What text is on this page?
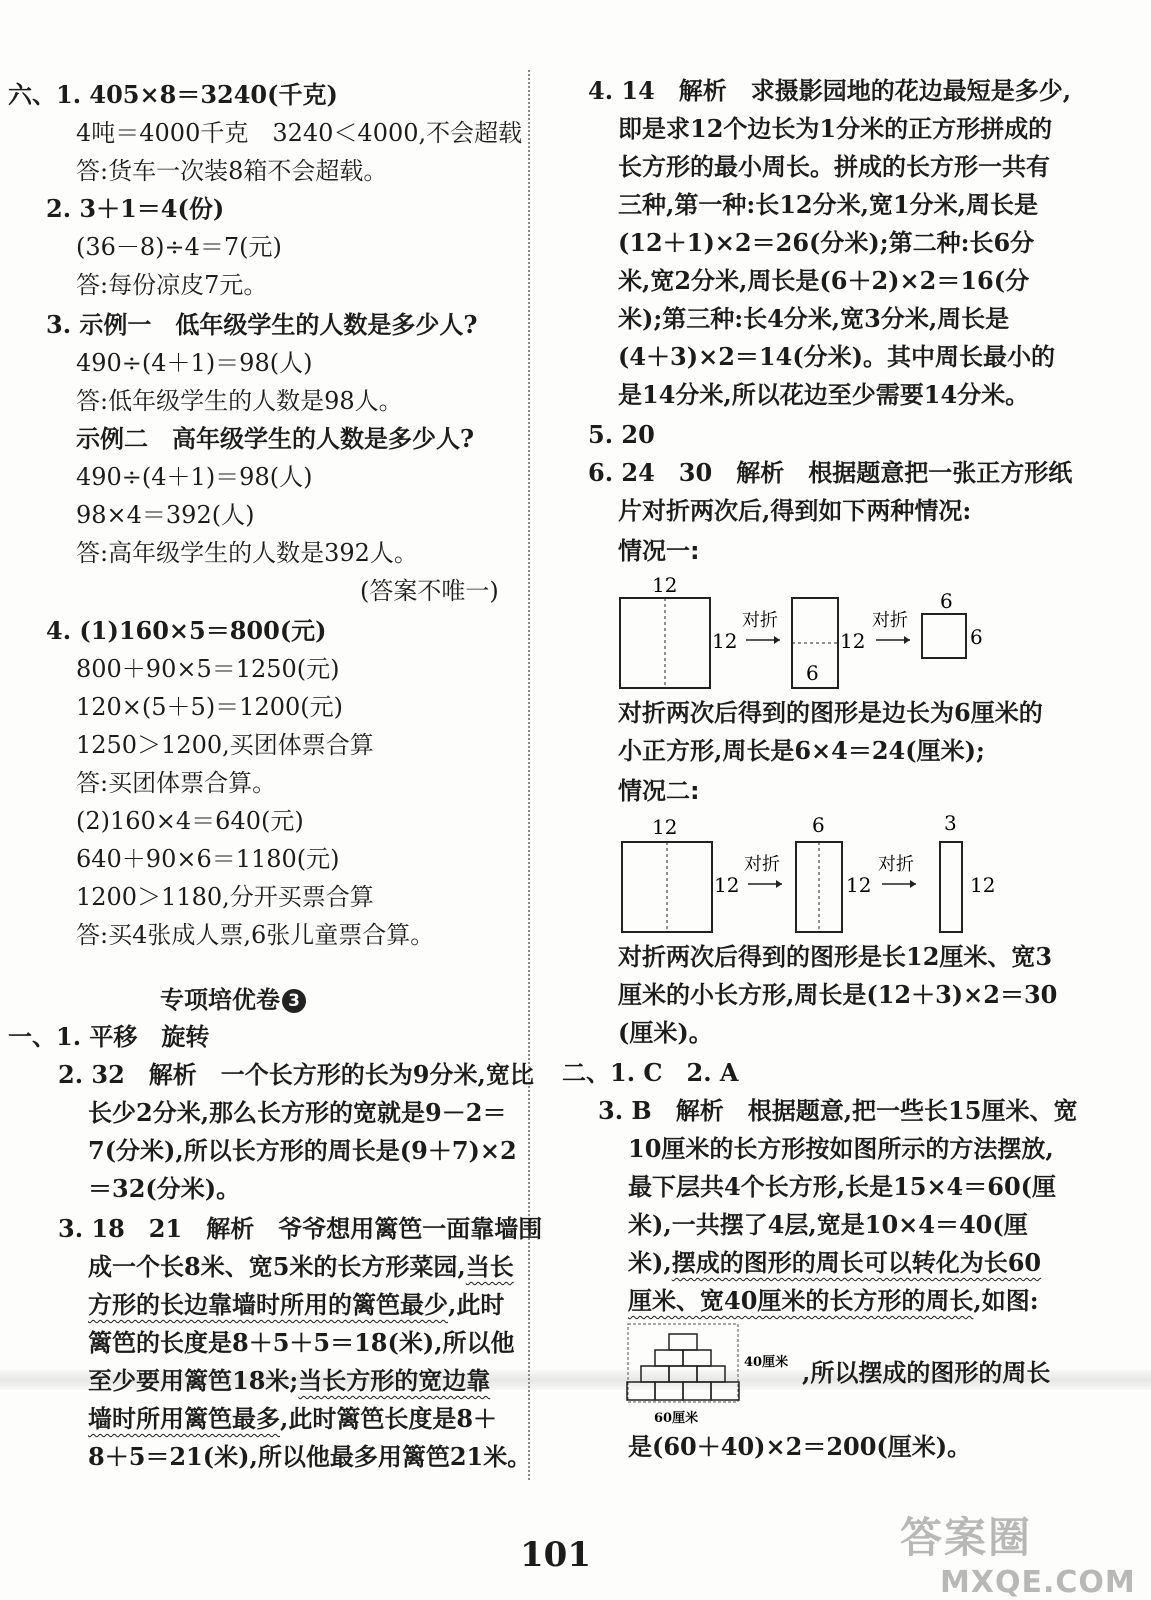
六、1. 405×8＝3240(千克)
4吨＝4000千克　3240＜4000,不会超载
答:货车一次装8箱不会超载。
2. 3＋1＝4(份)
(36－8)÷4＝7(元)
答:每份凉皮7元。
3. 示例一　低年级学生的人数是多少人?
490÷(4＋1)＝98(人)
答:低年级学生的人数是98人。
示例二　高年级学生的人数是多少人?
490÷(4＋1)＝98(人)
98×4＝392(人)
答:高年级学生的人数是392人。
(答案不唯一)
4. (1)160×5＝800(元)
800＋90×5＝1250(元)
120×(5＋5)＝1200(元)
1250＞1200,买团体票合算
答:买团体票合算。
(2)160×4＝640(元)
640＋90×6＝1180(元)
1200＞1180,分开买票合算
答:买4张成人票,6张儿童票合算。
专项培优卷 3
一、1. 平移　旋转
2. 32　解析　一个长方形的长为9分米,宽比
长少2分米,那么长方形的宽就是9－2＝
7(分米),所以长方形的周长是(9＋7)×2
＝32(分米)。
3. 18　21　解析　爷爷想用篱笆一面靠墙围
成一个长8米、宽5米的长方形菜园,当长
方形的长边靠墙时所用的篱笆最少,此时
篱笆的长度是8＋5＋5＝18(米),所以他
至少要用篱笆18米;当长方形的宽边靠
墙时所用篱笆最多,此时篱笆长度是8＋
8＋5＝21(米),所以他最多用篱笆21米。
4. 14　解析　求摄影园地的花边最短是多少,
即是求12个边长为1分米的正方形拼成的
长方形的最小周长。拼成的长方形一共有
三种,第一种:长12分米,宽1分米,周长是
(12＋1)×2＝26(分米);第二种:长6分
米,宽2分米,周长是(6＋2)×2＝16(分
米);第三种:长4分米,宽3分米,周长是
(4＋3)×2＝14(分米)。其中周长最小的
是14分米,所以花边至少需要14分米。
5. 20
6. 24　30　解析　根据题意把一张正方形纸
片对折两次后,得到如下两种情况:
情况一:
12
12
对折
6
12
对折
6
6
对折两次后得到的图形是边长为6厘米的
小正方形,周长是6×4＝24(厘米);
情况二:
12
12
对折
6
12
对折
3
12
对折两次后得到的图形是长12厘米、宽3
厘米的小长方形,周长是(12＋3)×2＝30
(厘米)。
二、1. C　2. A
3. B　解析　根据题意,把一些长15厘米、宽
10厘米的长方形按如图所示的方法摆放,
最下层共4个长方形,长是15×4＝60(厘
米),一共摆了4层,宽是10×4＝40(厘
米),摆成的图形的周长可以转化为长60
厘米、宽40厘米的长方形的周长,如图:
40厘米
60厘米
,所以摆成的图形的周长
是(60＋40)×2＝200(厘米)。
101	答案圈
MXQE.COM
